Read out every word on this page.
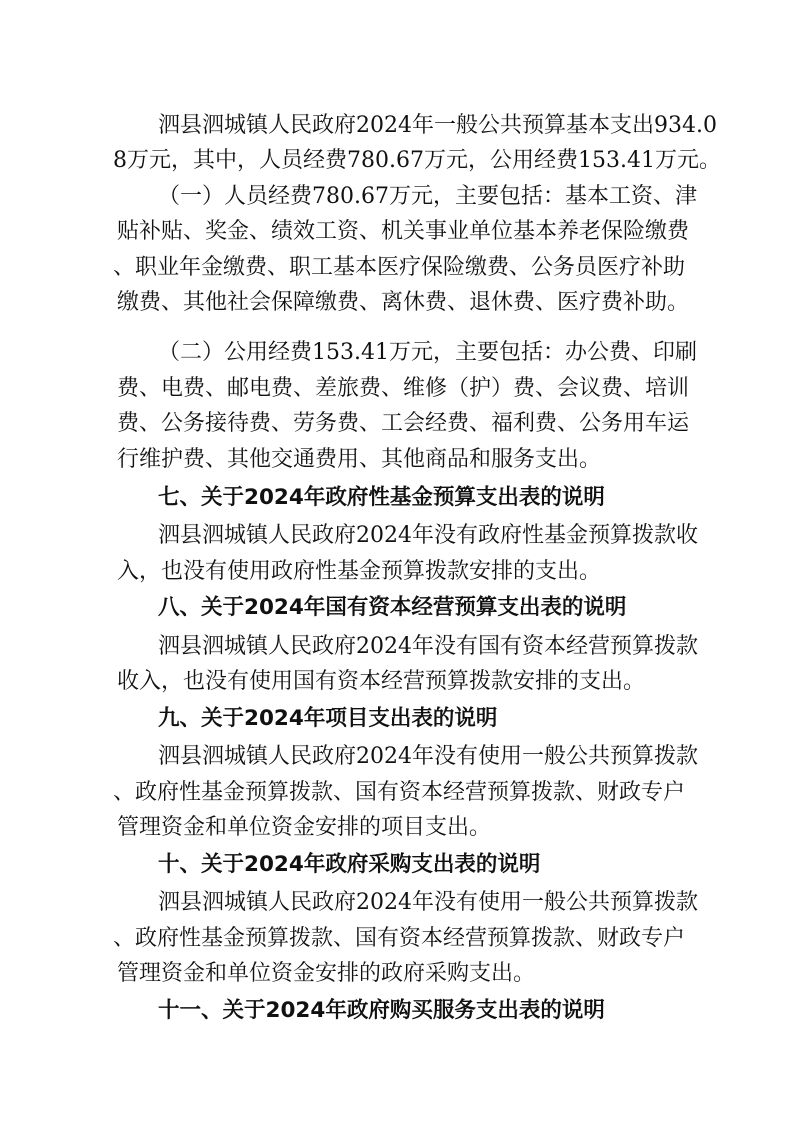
泗县泗城镇人民政府2024年一般公共预算基本支出934.0
8万元，其中，人员经费780.67万元，公用经费153.41万元。
（一）人员经费780.67万元，主要包括：基本工资、津
贴补贴、奖金、绩效工资、机关事业单位基本养老保险缴费
、职业年金缴费、职工基本医疗保险缴费、公务员医疗补助
缴费、其他社会保障缴费、离休费、退休费、医疗费补助。
（二）公用经费153.41万元，主要包括：办公费、印刷
费、电费、邮电费、差旅费、维修（护）费、会议费、培训
费、公务接待费、劳务费、工会经费、福利费、公务用车运
行维护费、其他交通费用、其他商品和服务支出。
七、关于2024年政府性基金预算支出表的说明
泗县泗城镇人民政府2024年没有政府性基金预算拨款收
入，也没有使用政府性基金预算拨款安排的支出。
八、关于2024年国有资本经营预算支出表的说明
泗县泗城镇人民政府2024年没有国有资本经营预算拨款
收入，也没有使用国有资本经营预算拨款安排的支出。
九、关于2024年项目支出表的说明
泗县泗城镇人民政府2024年没有使用一般公共预算拨款
、政府性基金预算拨款、国有资本经营预算拨款、财政专户
管理资金和单位资金安排的项目支出。
十、关于2024年政府采购支出表的说明
泗县泗城镇人民政府2024年没有使用一般公共预算拨款
、政府性基金预算拨款、国有资本经营预算拨款、财政专户
管理资金和单位资金安排的政府采购支出。
十一、关于2024年政府购买服务支出表的说明
